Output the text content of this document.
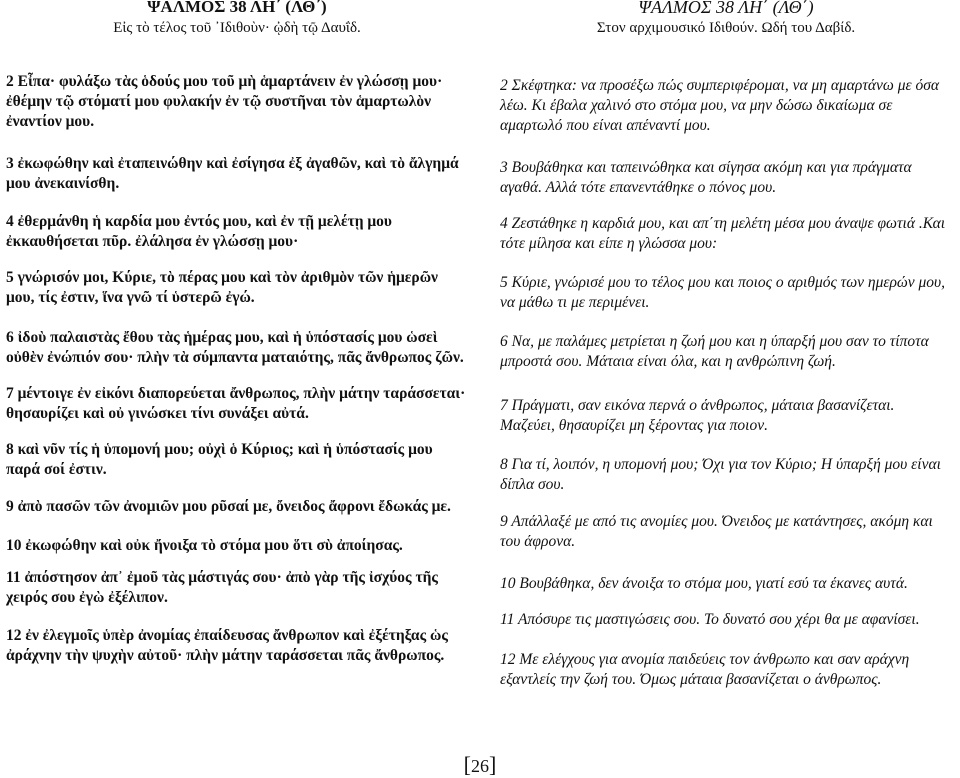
ΨΑΛΜΟΣ 38 ΛΗ΄ (ΛΘ΄)
Εἰς τὸ τέλος τοῦ ᾿Ιδιθοὺν· ᾠδὴ τῷ Δαυΐδ.
2 Εἶπα· φυλάξω τὰς ὁδούς μου τοῦ μὴ ἁμαρτάνειν ἐν γλώσσῃ μου· ἐθέμην τῷ στόματί μου φυλακήν ἐν τῷ συστῆναι τὸν ἁμαρτωλὸν ἐναντίον μου.
3 ἐκωφώθην καὶ ἐταπεινώθην καὶ ἐσίγησα ἐξ ἀγαθῶν, καὶ τὸ ἄλγημά μου ἀνεκαινίσθη.
4 ἐθερμάνθη ἡ καρδία μου ἐντός μου, καὶ ἐν τῇ μελέτῃ μου ἐκκαυθήσεται πῦρ. ἐλάλησα ἐν γλώσσῃ μου·
5 γνώρισόν μοι, Κύριε, τὸ πέρας μου καὶ τὸν ἀριθμὸν τῶν ἡμερῶν μου, τίς ἐστιν, ἵνα γνῶ τί ὑστερῶ ἐγώ.
6 ἰδοὺ παλαιστὰς ἔθου τὰς ἡμέρας μου, καὶ ἡ ὑπόστασίς μου ὡσεὶ οὐθὲν ἐνώπιόν σου· πλὴν τὰ σύμπαντα ματαιότης, πᾶς ἄνθρωπος ζῶν.
7 μέντοιγε ἐν εἰκόνι διαπορεύεται ἄνθρωπος, πλὴν μάτην ταράσσεται· θησαυρίζει καὶ οὐ γινώσκει τίνι συνάξει αὐτά.
8 καὶ νῦν τίς ἡ ὑπομονή μου; οὐχὶ ὁ Κύριος; καὶ ἡ ὑπόστασίς μου παρά σοί ἐστιν.
9 ἀπὸ πασῶν τῶν ἀνομιῶν μου ρῦσαί με, ὄνειδος ἄφρονι ἔδωκάς με.
10 ἐκωφώθην καὶ οὐκ ἤνοιξα τὸ στόμα μου ὅτι σὺ ἀποίησας.
11 ἀπόστησον ἀπ᾿ ἐμοῦ τὰς μάστιγάς σου· ἀπὸ γὰρ τῆς ἰσχύος τῆς χειρός σου ἐγὼ ἐξέλιπον.
12 ἐν ἐλεγμοῖς ὑπὲρ ἀνομίας ἐπαίδευσας ἄνθρωπον καὶ ἐξέτηξας ὡς ἀράχνην τὴν ψυχὴν αὐτοῦ· πλὴν μάτην ταράσσεται πᾶς ἄνθρωπος.
ΨΑΛΜΟΣ 38 ΛΗ΄ (ΛΘ΄)
Στον αρχιμουσικό Ιδιθούν. Ωδή του Δαβίδ.
2 Σκέφτηκα: να προσέξω πώς συμπεριφέρομαι, να μη αμαρτάνω με όσα λέω. Κι έβαλα χαλινό στο στόμα μου, να μην δώσω δικαίωμα σε αμαρτωλό που είναι απέναντί μου.
3 Βουβάθηκα και ταπεινώθηκα και σίγησα ακόμη και για πράγματα αγαθά. Αλλά τότε επανεντάθηκε ο πόνος μου.
4 Ζεστάθηκε η καρδιά μου, και απ΄τη μελέτη μέσα μου άναψε φωτιά .Και τότε μίλησα και είπε η γλώσσα μου:
5 Κύριε, γνώρισέ μου το τέλος μου και ποιος ο αριθμός των ημερών μου, να μάθω τι με περιμένει.
6 Να, με παλάμες μετρίεται η ζωή μου και η ύπαρξή μου σαν το τίποτα μπροστά σου. Μάταια είναι όλα, και η ανθρώπινη ζωή.
7 Πράγματι, σαν εικόνα περνά ο άνθρωπος, μάταια βασανίζεται. Μαζεύει, θησαυρίζει μη ξέροντας για ποιον.
8 Για τί, λοιπόν, η υπομονή μου; Όχι για τον Κύριο; Η ύπαρξή μου είναι δίπλα σου.
9 Απάλλαξέ με από τις ανομίες μου. Όνειδος με κατάντησες, ακόμη και του άφρονα.
10 Βουβάθηκα, δεν άνοιξα το στόμα μου, γιατί εσύ τα έκανες αυτά.
11 Απόσυρε τις μαστιγώσεις σου. Το δυνατό σου χέρι θα με αφανίσει.
12 Με ελέγχους για ανομία παιδεύεις τον άνθρωπο και σαν αράχνη εξαντλείς την ζωή του. Όμως μάταια βασανίζεται ο άνθρωπος.
[26]
